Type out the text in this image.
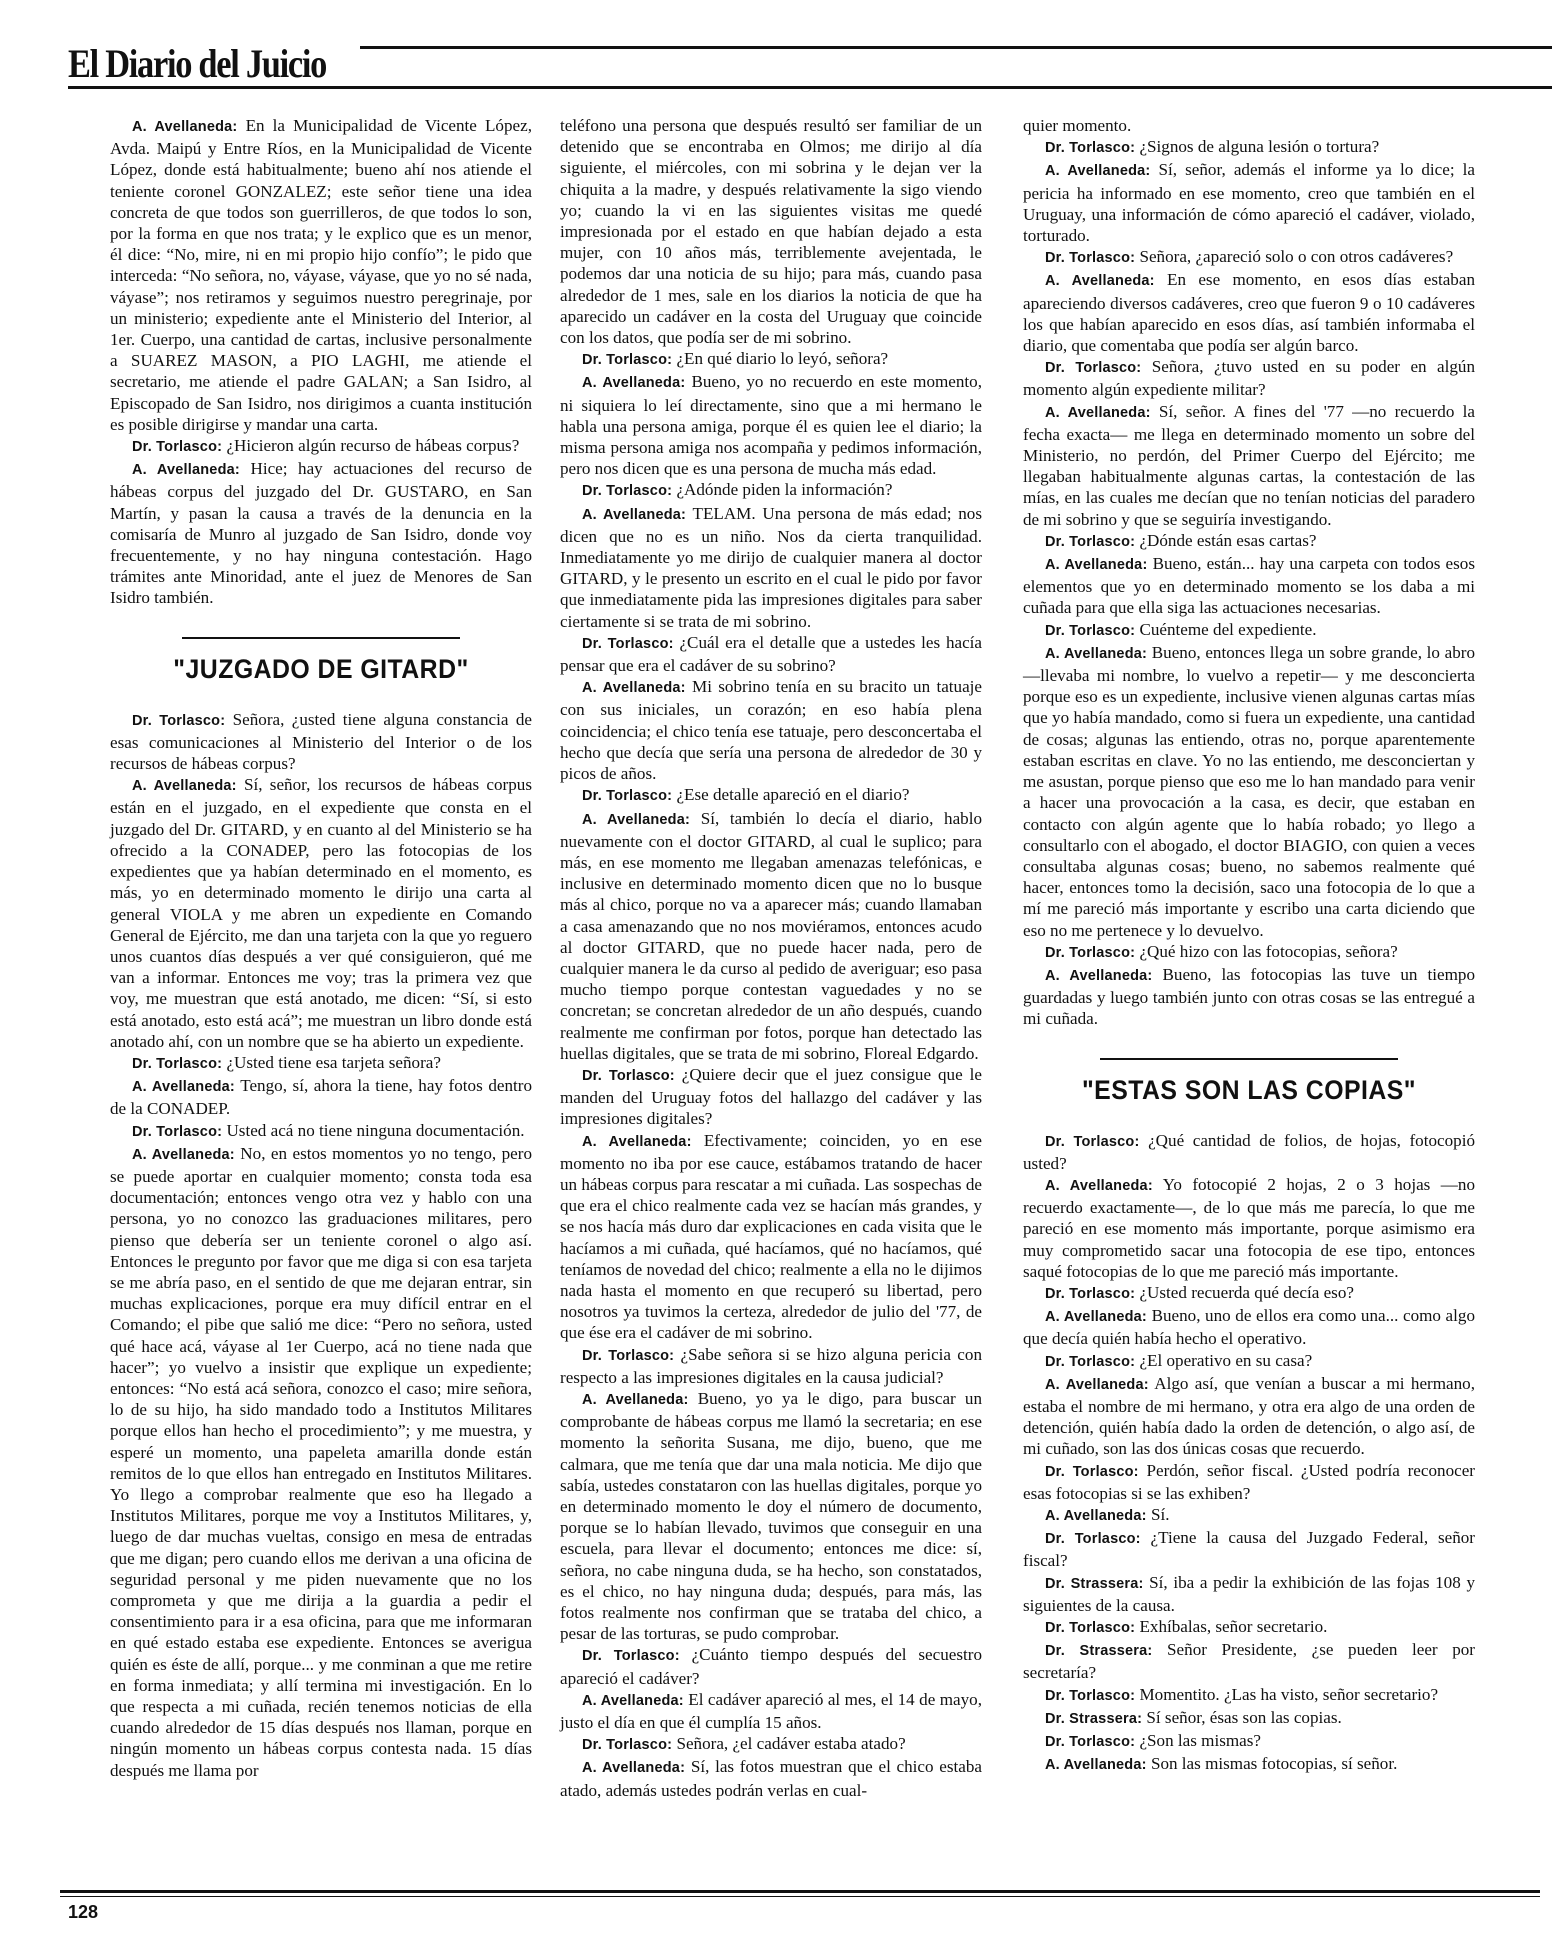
El Diario del Juicio

A. Avellaneda: En la Municipalidad de Vicente López, Avda. Maipú y Entre Ríos, en la Municipalidad de Vicente López, donde está habitualmente; bueno ahí nos atiende el teniente coronel GONZALEZ; este señor tiene una idea concreta de que todos son guerrilleros, de que todos lo son, por la forma en que nos trata; y le explico que es un menor, él dice: “No, mire, ni en mi propio hijo confío”; le pido que interceda: “No señora, no, váyase, váyase, que yo no sé nada, váyase”; nos retiramos y seguimos nuestro peregrinaje, por un ministerio; expediente ante el Ministerio del Interior, al 1er. Cuerpo, una cantidad de cartas, inclusive personalmente a SUAREZ MASON, a PIO LAGHI, me atiende el secretario, me atiende el padre GALAN; a San Isidro, al Episcopado de San Isidro, nos dirigimos a cuanta institución es posible dirigirse y mandar una carta.

Dr. Torlasco: ¿Hicieron algún recurso de hábeas corpus?

A. Avellaneda: Hice; hay actuaciones del recurso de hábeas corpus del juzgado del Dr. GUSTARO, en San Martín, y pasan la causa a través de la denuncia en la comisaría de Munro al juzgado de San Isidro, donde voy frecuentemente, y no hay ninguna contestación. Hago trámites ante Minoridad, ante el juez de Menores de San Isidro también.

"JUZGADO DE GITARD"

Dr. Torlasco: Señora, ¿usted tiene alguna constancia de esas comunicaciones al Ministerio del Interior o de los recursos de hábeas corpus?

A. Avellaneda: Sí, señor, los recursos de hábeas corpus están en el juzgado, en el expediente que consta en el juzgado del Dr. GITARD, y en cuanto al del Ministerio se ha ofrecido a la CONADEP, pero las fotocopias de los expedientes que ya habían determinado en el momento, es más, yo en determinado momento le dirijo una carta al general VIOLA y me abren un expediente en Comando General de Ejército, me dan una tarjeta con la que yo reguero unos cuantos días después a ver qué consiguieron, qué me van a informar. Entonces me voy; tras la primera vez que voy, me muestran que está anotado, me dicen: “Sí, si esto está anotado, esto está acá”; me muestran un libro donde está anotado ahí, con un nombre que se ha abierto un expediente.

Dr. Torlasco: ¿Usted tiene esa tarjeta señora?

A. Avellaneda: Tengo, sí, ahora la tiene, hay fotos dentro de la CONADEP.

Dr. Torlasco: Usted acá no tiene ninguna documentación.

A. Avellaneda: No, en estos momentos yo no tengo, pero se puede aportar en cualquier momento; consta toda esa documentación; entonces vengo otra vez y hablo con una persona, yo no conozco las graduaciones militares, pero pienso que debería ser un teniente coronel o algo así. Entonces le pregunto por favor que me diga si con esa tarjeta se me abría paso, en el sentido de que me dejaran entrar, sin muchas explicaciones, porque era muy difícil entrar en el Comando; el pibe que salió me dice: “Pero no señora, usted qué hace acá, váyase al 1er Cuerpo, acá no tiene nada que hacer”; yo vuelvo a insistir que explique un expediente; entonces: “No está acá señora, conozco el caso; mire señora, lo de su hijo, ha sido mandado todo a Institutos Militares porque ellos han hecho el procedimiento”; y me muestra, y esperé un momento, una papeleta amarilla donde están remitos de lo que ellos han entregado en Institutos Militares. Yo llego a comprobar realmente que eso ha llegado a Institutos Militares, porque me voy a Institutos Militares, y, luego de dar muchas vueltas, consigo en mesa de entradas que me digan; pero cuando ellos me derivan a una oficina de seguridad personal y me piden nuevamente que no los comprometa y que me dirija a la guardia a pedir el consentimiento para ir a esa oficina, para que me informaran en qué estado estaba ese expediente. Entonces se averigua quién es éste de allí, porque... y me conminan a que me retire en forma inmediata; y allí termina mi investigación. En lo que respecta a mi cuñada, recién tenemos noticias de ella cuando alrededor de 15 días después nos llaman, porque en ningún momento un hábeas corpus contesta nada. 15 días después me llama por

teléfono una persona que después resultó ser familiar de un detenido que se encontraba en Olmos; me dirijo al día siguiente, el miércoles, con mi sobrina y le dejan ver la chiquita a la madre, y después relativamente la sigo viendo yo; cuando la vi en las siguientes visitas me quedé impresionada por el estado en que habían dejado a esta mujer, con 10 años más, terriblemente avejentada, le podemos dar una noticia de su hijo; para más, cuando pasa alrededor de 1 mes, sale en los diarios la noticia de que ha aparecido un cadáver en la costa del Uruguay que coincide con los datos, que podía ser de mi sobrino.

Dr. Torlasco: ¿En qué diario lo leyó, señora?

A. Avellaneda: Bueno, yo no recuerdo en este momento, ni siquiera lo leí directamente, sino que a mi hermano le habla una persona amiga, porque él es quien lee el diario; la misma persona amiga nos acompaña y pedimos información, pero nos dicen que es una persona de mucha más edad.

Dr. Torlasco: ¿Adónde piden la información?

A. Avellaneda: TELAM. Una persona de más edad; nos dicen que no es un niño. Nos da cierta tranquilidad. Inmediatamente yo me dirijo de cualquier manera al doctor GITARD, y le presento un escrito en el cual le pido por favor que inmediatamente pida las impresiones digitales para saber ciertamente si se trata de mi sobrino.

Dr. Torlasco: ¿Cuál era el detalle que a ustedes les hacía pensar que era el cadáver de su sobrino?

A. Avellaneda: Mi sobrino tenía en su bracito un tatuaje con sus iniciales, un corazón; en eso había plena coincidencia; el chico tenía ese tatuaje, pero desconcertaba el hecho que decía que sería una persona de alrededor de 30 y picos de años.

Dr. Torlasco: ¿Ese detalle apareció en el diario?

A. Avellaneda: Sí, también lo decía el diario, hablo nuevamente con el doctor GITARD, al cual le suplico; para más, en ese momento me llegaban amenazas telefónicas, e inclusive en determinado momento dicen que no lo busque más al chico, porque no va a aparecer más; cuando llamaban a casa amenazando que no nos moviéramos, entonces acudo al doctor GITARD, que no puede hacer nada, pero de cualquier manera le da curso al pedido de averiguar; eso pasa mucho tiempo porque contestan vaguedades y no se concretan; se concretan alrededor de un año después, cuando realmente me confirman por fotos, porque han detectado las huellas digitales, que se trata de mi sobrino, Floreal Edgardo.

Dr. Torlasco: ¿Quiere decir que el juez consigue que le manden del Uruguay fotos del hallazgo del cadáver y las impresiones digitales?

A. Avellaneda: Efectivamente; coinciden, yo en ese momento no iba por ese cauce, estábamos tratando de hacer un hábeas corpus para rescatar a mi cuñada. Las sospechas de que era el chico realmente cada vez se hacían más grandes, y se nos hacía más duro dar explicaciones en cada visita que le hacíamos a mi cuñada, qué hacíamos, qué no hacíamos, qué teníamos de novedad del chico; realmente a ella no le dijimos nada hasta el momento en que recuperó su libertad, pero nosotros ya tuvimos la certeza, alrededor de julio del '77, de que ése era el cadáver de mi sobrino.

Dr. Torlasco: ¿Sabe señora si se hizo alguna pericia con respecto a las impresiones digitales en la causa judicial?

A. Avellaneda: Bueno, yo ya le digo, para buscar un comprobante de hábeas corpus me llamó la secretaria; en ese momento la señorita Susana, me dijo, bueno, que me calmara, que me tenía que dar una mala noticia. Me dijo que sabía, ustedes constataron con las huellas digitales, porque yo en determinado momento le doy el número de documento, porque se lo habían llevado, tuvimos que conseguir en una escuela, para llevar el documento; entonces me dice: sí, señora, no cabe ninguna duda, se ha hecho, son constatados, es el chico, no hay ninguna duda; después, para más, las fotos realmente nos confirman que se trataba del chico, a pesar de las torturas, se pudo comprobar.

Dr. Torlasco: ¿Cuánto tiempo después del secuestro apareció el cadáver?

A. Avellaneda: El cadáver apareció al mes, el 14 de mayo, justo el día en que él cumplía 15 años.

Dr. Torlasco: Señora, ¿el cadáver estaba atado?

A. Avellaneda: Sí, las fotos muestran que el chico estaba atado, además ustedes podrán verlas en cual-

quier momento.

Dr. Torlasco: ¿Signos de alguna lesión o tortura?

A. Avellaneda: Sí, señor, además el informe ya lo dice; la pericia ha informado en ese momento, creo que también en el Uruguay, una información de cómo apareció el cadáver, violado, torturado.

Dr. Torlasco: Señora, ¿apareció solo o con otros cadáveres?

A. Avellaneda: En ese momento, en esos días estaban apareciendo diversos cadáveres, creo que fueron 9 o 10 cadáveres los que habían aparecido en esos días, así también informaba el diario, que comentaba que podía ser algún barco.

Dr. Torlasco: Señora, ¿tuvo usted en su poder en algún momento algún expediente militar?

A. Avellaneda: Sí, señor. A fines del '77 —no recuerdo la fecha exacta— me llega en determinado momento un sobre del Ministerio, no perdón, del Primer Cuerpo del Ejército; me llegaban habitualmente algunas cartas, la contestación de las mías, en las cuales me decían que no tenían noticias del paradero de mi sobrino y que se seguiría investigando.

Dr. Torlasco: ¿Dónde están esas cartas?

A. Avellaneda: Bueno, están... hay una carpeta con todos esos elementos que yo en determinado momento se los daba a mi cuñada para que ella siga las actuaciones necesarias.

Dr. Torlasco: Cuénteme del expediente.

A. Avellaneda: Bueno, entonces llega un sobre grande, lo abro —llevaba mi nombre, lo vuelvo a repetir— y me desconcierta porque eso es un expediente, inclusive vienen algunas cartas mías que yo había mandado, como si fuera un expediente, una cantidad de cosas; algunas las entiendo, otras no, porque aparentemente estaban escritas en clave. Yo no las entiendo, me desconciertan y me asustan, porque pienso que eso me lo han mandado para venir a hacer una provocación a la casa, es decir, que estaban en contacto con algún agente que lo había robado; yo llego a consultarlo con el abogado, el doctor BIAGIO, con quien a veces consultaba algunas cosas; bueno, no sabemos realmente qué hacer, entonces tomo la decisión, saco una fotocopia de lo que a mí me pareció más importante y escribo una carta diciendo que eso no me pertenece y lo devuelvo.

Dr. Torlasco: ¿Qué hizo con las fotocopias, señora?

A. Avellaneda: Bueno, las fotocopias las tuve un tiempo guardadas y luego también junto con otras cosas se las entregué a mi cuñada.

"ESTAS SON LAS COPIAS"

Dr. Torlasco: ¿Qué cantidad de folios, de hojas, fotocopió usted?

A. Avellaneda: Yo fotocopié 2 hojas, 2 o 3 hojas —no recuerdo exactamente—, de lo que más me parecía, lo que me pareció en ese momento más importante, porque asimismo era muy comprometido sacar una fotocopia de ese tipo, entonces saqué fotocopias de lo que me pareció más importante.

Dr. Torlasco: ¿Usted recuerda qué decía eso?

A. Avellaneda: Bueno, uno de ellos era como una... como algo que decía quién había hecho el operativo.

Dr. Torlasco: ¿El operativo en su casa?

A. Avellaneda: Algo así, que venían a buscar a mi hermano, estaba el nombre de mi hermano, y otra era algo de una orden de detención, quién había dado la orden de detención, o algo así, de mi cuñado, son las dos únicas cosas que recuerdo.

Dr. Torlasco: Perdón, señor fiscal. ¿Usted podría reconocer esas fotocopias si se las exhiben?

A. Avellaneda: Sí.

Dr. Torlasco: ¿Tiene la causa del Juzgado Federal, señor fiscal?

Dr. Strassera: Sí, iba a pedir la exhibición de las fojas 108 y siguientes de la causa.

Dr. Torlasco: Exhíbalas, señor secretario.

Dr. Strassera: Señor Presidente, ¿se pueden leer por secretaría?

Dr. Torlasco: Momentito. ¿Las ha visto, señor secretario?

Dr. Strassera: Sí señor, ésas son las copias.

Dr. Torlasco: ¿Son las mismas?

A. Avellaneda: Son las mismas fotocopias, sí señor.

128
